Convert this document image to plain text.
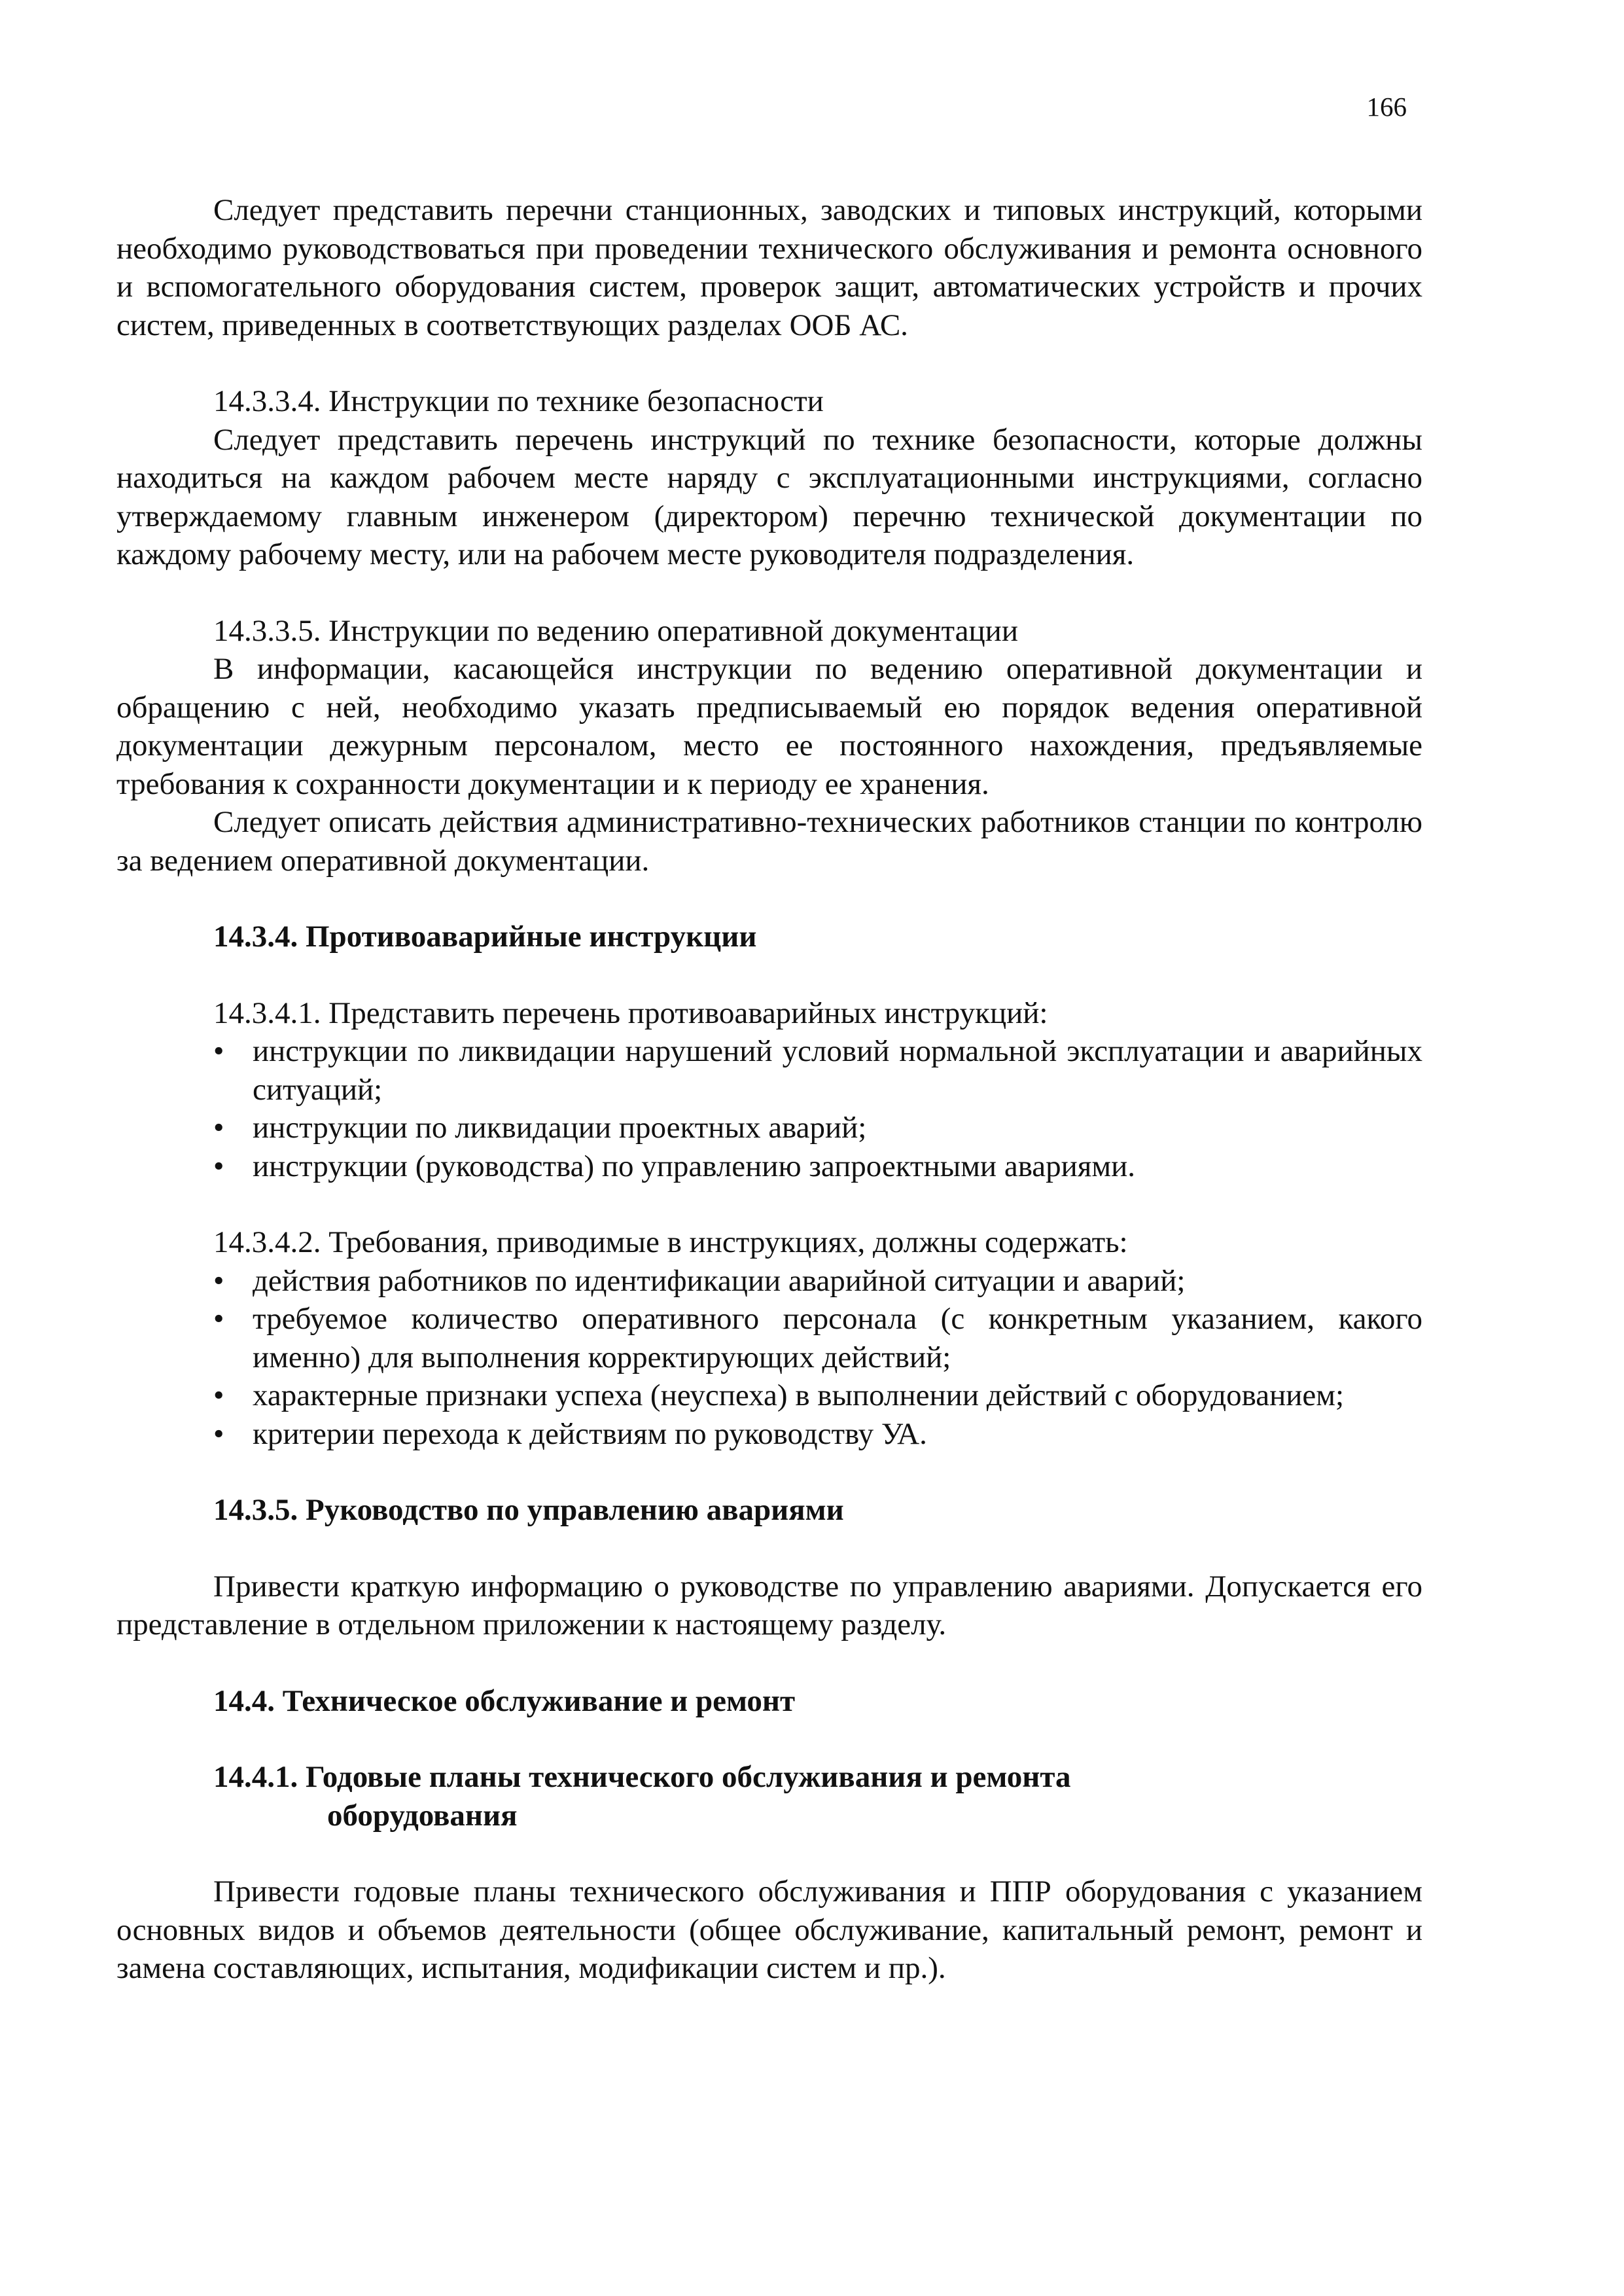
166

Следует представить перечни станционных, заводских и типовых инструкций, которыми необходимо руководствоваться при проведении технического обслуживания и ремонта основного и вспомогательного оборудования систем, проверок защит, автоматических устройств и прочих систем, приведенных в соответствующих разделах ООБ АС.

14.3.3.4. Инструкции по технике безопасности

Следует представить перечень инструкций по технике безопасности, которые должны находиться на каждом рабочем месте наряду с эксплуатационными инструкциями, согласно утверждаемому главным инженером (директором) перечню технической документации по каждому рабочему месту, или на рабочем месте руководителя подразделения.

14.3.3.5. Инструкции по ведению оперативной документации

В информации, касающейся инструкции по ведению оперативной документации и обращению с ней, необходимо указать предписываемый ею порядок ведения оперативной документации дежурным персоналом, место ее постоянного нахождения, предъявляемые требования к сохранности документации и к периоду ее хранения.

Следует описать действия административно-технических работников станции по контролю за ведением оперативной документации.

14.3.4. Противоаварийные инструкции
14.3.4.1. Представить перечень противоаварийных инструкций:
• инструкции по ликвидации нарушений условий нормальной эксплуатации и аварийных ситуаций;
• инструкции по ликвидации проектных аварий;
• инструкции (руководства) по управлению запроектными авариями.
14.3.4.2. Требования, приводимые в инструкциях, должны содержать:
• действия работников по идентификации аварийной ситуации и аварий;
• требуемое количество оперативного персонала (с конкретным указанием, какого именно) для выполнения корректирующих действий;
• характерные признаки успеха (неуспеха) в выполнении действий с оборудованием;
• критерии перехода к действиям по руководству УА.
14.3.5. Руководство по управлению авариями

Привести краткую информацию о руководстве по управлению авариями. Допускается его представление в отдельном приложении к настоящему разделу.

14.4. Техническое обслуживание и ремонт
14.4.1. Годовые планы технического обслуживания и ремонта
оборудования

Привести годовые планы технического обслуживания и ППР оборудования с указанием основных видов и объемов деятельности (общее обслуживание, капитальный ремонт, ремонт и замена составляющих, испытания, модификации систем и пр.).
